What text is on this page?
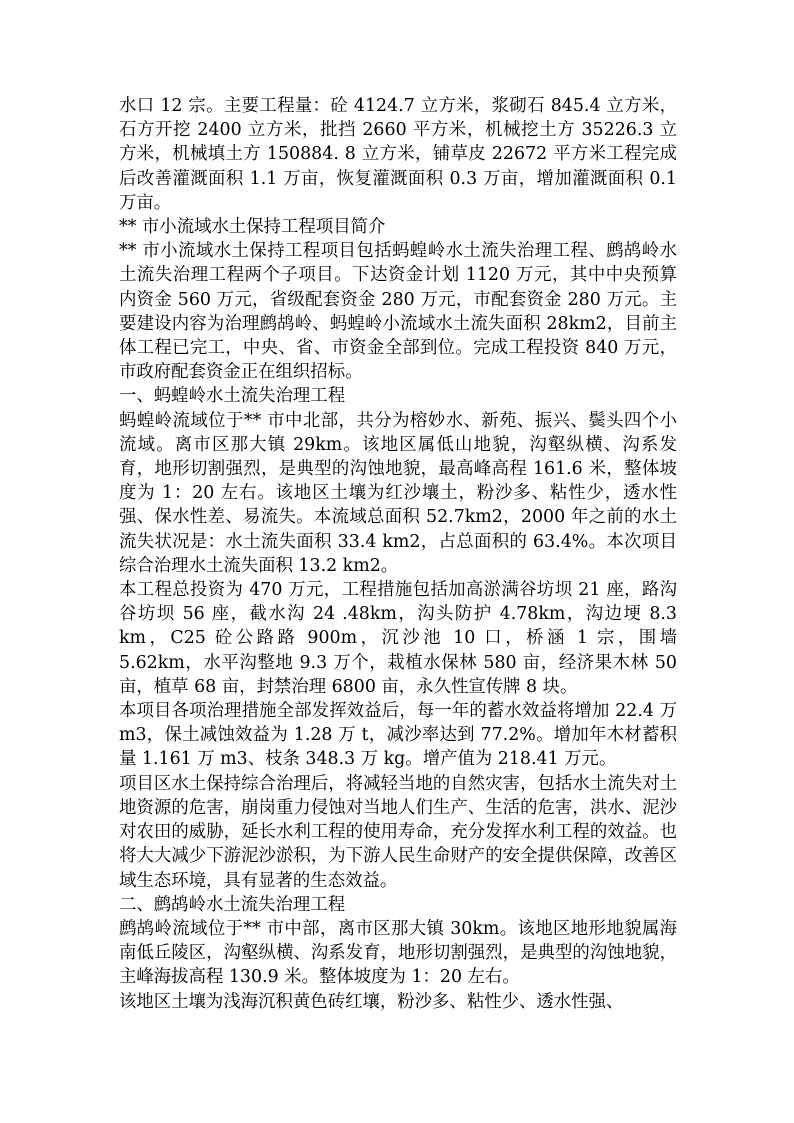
水口 12 宗。主要工程量：砼 4124.7 立方米，浆砌石 845.4 立方米，石方开挖 2400 立方米，批挡 2660 平方米，机械挖土方 35226.3 立方米，机械填土方 150884. 8 立方米，铺草皮 22672 平方米工程完成后改善灌溉面积 1.1 万亩，恢复灌溉面积 0.3 万亩，增加灌溉面积 0.1 万亩。

** 市小流域水土保持工程项目简介

** 市小流域水土保持工程项目包括蚂蝗岭水土流失治理工程、鹧鸪岭水土流失治理工程两个子项目。下达资金计划 1120 万元，其中中央预算内资金 560 万元，省级配套资金 280 万元，市配套资金 280 万元。主要建设内容为治理鹧鸪岭、蚂蝗岭小流域水土流失面积 28km2，目前主体工程已完工，中央、省、市资金全部到位。完成工程投资 840 万元，市政府配套资金正在组织招标。

一、蚂蝗岭水土流失治理工程

蚂蝗岭流域位于** 市中北部，共分为榕妙水、新苑、振兴、鬓头四个小流域。离市区那大镇 29km。该地区属低山地貌，沟壑纵横、沟系发育，地形切割强烈，是典型的沟蚀地貌，最高峰高程 161.6 米，整体坡度为 1：20 左右。该地区土壤为红沙壤土，粉沙多、粘性少，透水性强、保水性差、易流失。本流域总面积 52.7km2，2000 年之前的水土流失状况是：水土流失面积 33.4 km2，占总面积的 63.4%。本次项目综合治理水土流失面积 13.2 km2。

本工程总投资为 470 万元，工程措施包括加高淤满谷坊坝 21 座，路沟谷坊坝 56 座，截水沟 24 .48km，沟头防护 4.78km，沟边埂 8.3 km，C25 砼公路路 900m，沉沙池 10 口，桥涵 1 宗，围墙 5.62km，水平沟整地 9.3 万个，栽植水保林 580 亩，经济果木林 50 亩，植草 68 亩，封禁治理 6800 亩，永久性宣传牌 8 块。

本项目各项治理措施全部发挥效益后，每一年的蓄水效益将增加 22.4 万 m3，保土减蚀效益为 1.28 万 t，减沙率达到 77.2%。增加年木材蓄积量 1.161 万 m3、枝条 348.3 万 kg。增产值为 218.41 万元。

项目区水土保持综合治理后，将减轻当地的自然灾害，包括水土流失对土地资源的危害，崩岗重力侵蚀对当地人们生产、生活的危害，洪水、泥沙对农田的威胁，延长水利工程的使用寿命，充分发挥水利工程的效益。也将大大减少下游泥沙淤积，为下游人民生命财产的安全提供保障，改善区域生态环境，具有显著的生态效益。

二、鹧鸪岭水土流失治理工程

鹧鸪岭流域位于** 市中部，离市区那大镇 30km。该地区地形地貌属海南低丘陵区，沟壑纵横、沟系发育，地形切割强烈，是典型的沟蚀地貌，主峰海拔高程 130.9 米。整体坡度为 1：20 左右。

该地区土壤为浅海沉积黄色砖红壤，粉沙多、粘性少、透水性强、
